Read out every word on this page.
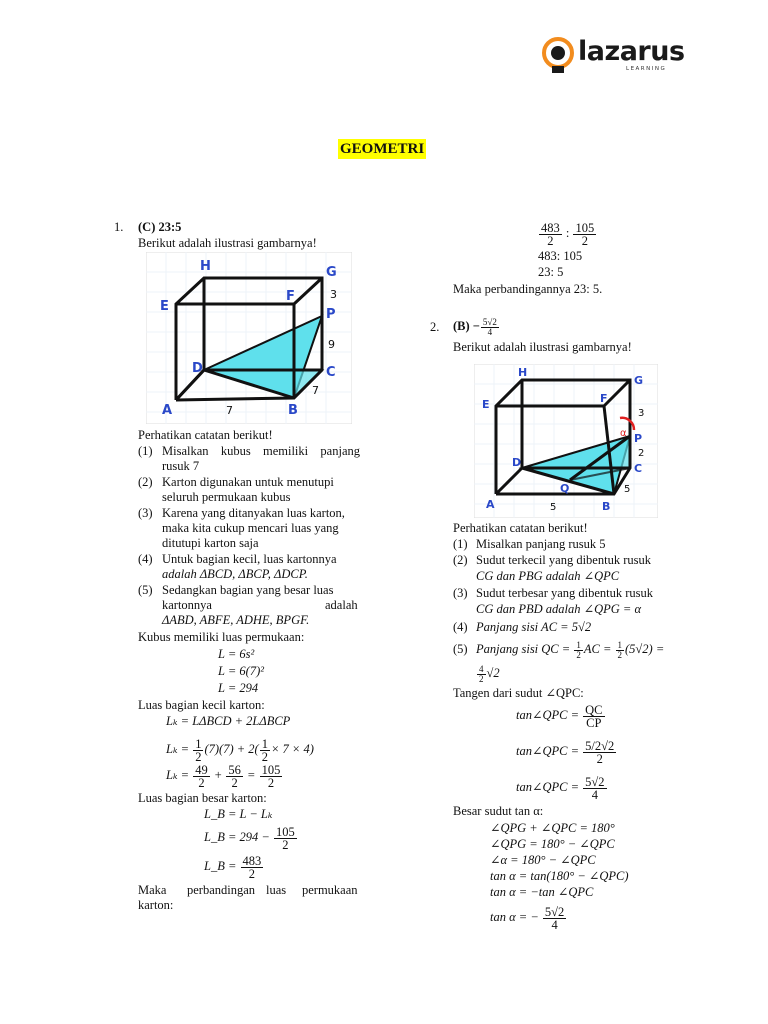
lazarus
LEARNING
GEOMETRI
1. (C) 23:5
Berikut adalah ilustrasi gambarnya!
H	G
E
F
P
D	C
A	B
3
9
7
7
Perhatikan catatan berikut!
(1) Misalkan kubus memiliki panjang
rusuk 7
(2) Karton digunakan untuk menutupi
seluruh permukaan kubus
(3) Karena yang ditanyakan luas karton,
maka kita cukup mencari luas yang
ditutupi karton saja
(4) Untuk bagian kecil, luas kartonnya
adalah ΔBCD, ΔBCP, ΔDCP.
(5) Sedangkan bagian yang besar luas
kartonnya	adalah
ΔABD, ABFE, ADHE, BPGF.
Kubus memiliki luas permukaan:
L = 6s²
L = 6(7)²
L = 294
Luas bagian kecil karton:
Lₖ = LΔBCD + 2LΔBCP
$L_k = \frac{1}{2} (7)(7) + 2( \frac{1}{2} \times 7 \times 4)$
$L_k = \frac{49}{2} + \frac{56}{2} = \frac{105}{2}$
Luas bagian besar karton:
L_B = L − Lₖ
L_B = $294 - \frac{105}{2}$
L_B = $\frac{483}{2}$
Maka perbandingan luas permukaan
karton:
$\frac{483}{2}$ : $\frac{105}{2}$
483: 105
23: 5
Maka perbandingannya 23: 5.
2. $(B) - \frac{5√2}{4}$
Berikut adalah ilustrasi gambarnya!
H
G
E	F
P
D	C
A	B
Q
α
3
2
5
5
Perhatikan catatan berikut!
(1) Misalkan panjang rusuk 5
(2) Sudut terkecil yang dibentuk rusuk
CG dan PBG adalah ∠QPC
(3) Sudut terbesar yang dibentuk rusuk
CG dan PBD adalah ∠QPG = α
(4) Panjang sisi AC = 5√2
(5) Panjang sisi QC = $\frac{1}{2}$ AC = $\frac{1}{2} (5√2)$ =
$\frac{4}{2} √2$
Tangen dari sudut ∠QPC:
tan∠QPC = $\frac{QC}{CP}$
tan∠QPC = $\frac{5/2√2}{2}$
tan∠QPC = $\frac{5√2}{4}$
Besar sudut tan α:
∠QPG + ∠QPC = 180°
∠QPG = 180° − ∠QPC
∠α = 180° − ∠QPC
tan α = tan(180° − ∠QPC)
tan α = −tan ∠QPC
tan α = − $\frac{5√2}{4}$
